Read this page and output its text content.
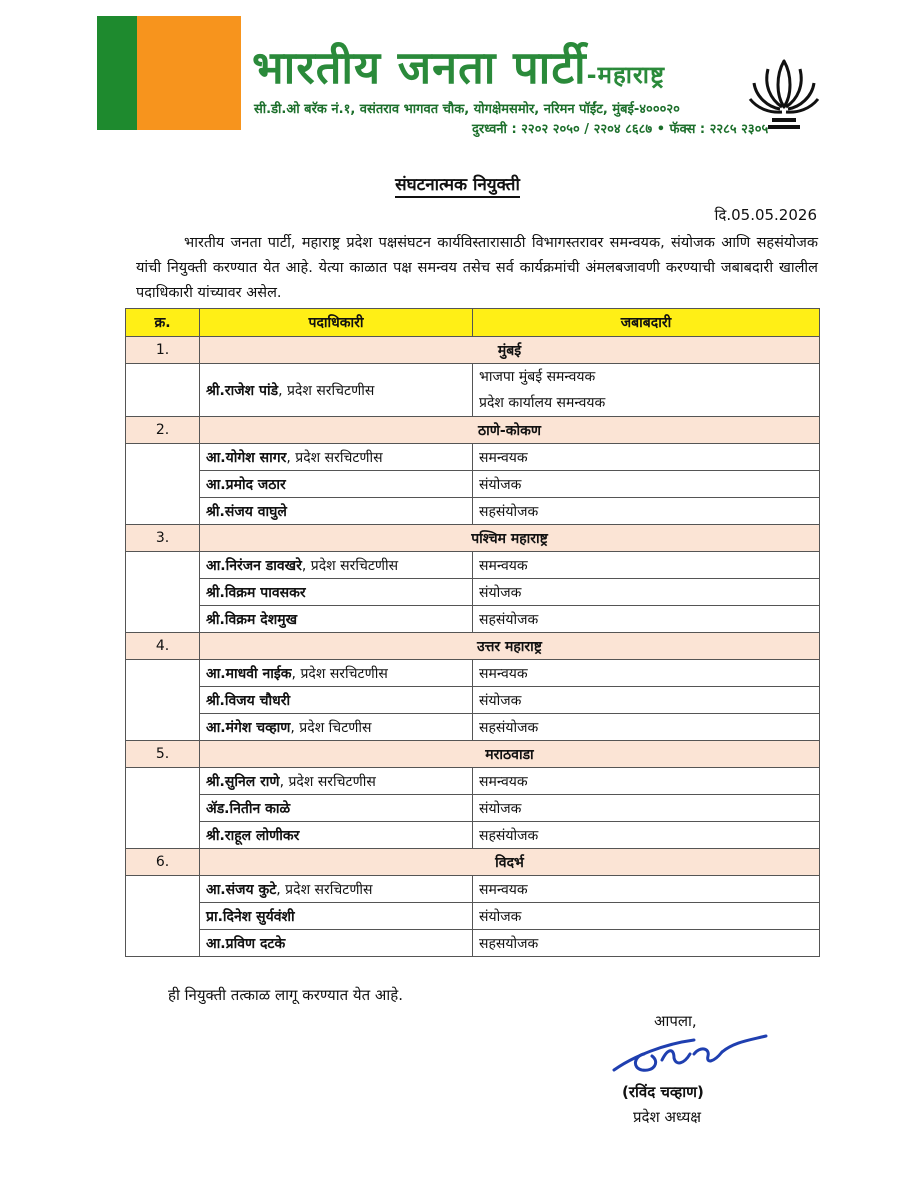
भारतीय जनता पार्टी-महाराष्ट्र
सी.डी.ओ बरॅक नं.१, वसंतराव भागवत चौक, योगक्षेमसमोर, नरिमन पॉईंट, मुंबई-४०००२०
दुरध्वनी : २२०२ २०५० / २२०४ ८६८७ • फॅक्स : २२८५ २३०५
संघटनात्मक नियुक्ती
दि.05.05.2026
भारतीय जनता पार्टी, महाराष्ट्र प्रदेश पक्षसंघटन कार्यविस्तारासाठी विभागस्तरावर समन्वयक, संयोजक आणि सहसंयोजक यांची नियुक्ती करण्यात येत आहे. येत्या काळात पक्ष समन्वय तसेच सर्व कार्यक्रमांची अंमलबजावणी करण्याची जबाबदारी खालील पदाधिकारी यांच्यावर असेल.
क्र.	पदाधिकारी	जबाबदारी
1.	मुंबई	
	श्री.राजेश पांडे, प्रदेश सरचिटणीस	भाजपा मुंबई समन्वयक
प्रदेश कार्यालय समन्वयक

2.	ठाणे-कोकण	
	आ.योगेश सागर, प्रदेश सरचिटणीस	समन्वयक
	आ.प्रमोद जठार	संयोजक
	श्री.संजय वाघुले	सहसंयोजक
3.	पश्चिम महाराष्ट्र	
	आ.निरंजन डावखरे, प्रदेश सरचिटणीस	समन्वयक
	श्री.विक्रम पावसकर	संयोजक
	श्री.विक्रम देशमुख	सहसंयोजक
4.	उत्तर महाराष्ट्र	
	आ.माधवी नाईक, प्रदेश सरचिटणीस	समन्वयक
	श्री.विजय चौधरी	संयोजक
	आ.मंगेश चव्हाण, प्रदेश चिटणीस	सहसंयोजक
5.	मराठवाडा	
	श्री.सुनिल राणे, प्रदेश सरचिटणीस	समन्वयक
	ॲड.नितीन काळे	संयोजक
	श्री.राहूल लोणीकर	सहसंयोजक
6.	विदर्भ	
	आ.संजय कुटे, प्रदेश सरचिटणीस	समन्वयक
	प्रा.दिनेश सुर्यवंशी	संयोजक
	आ.प्रविण दटके	सहसयोजक
ही नियुक्ती तत्काळ लागू करण्यात येत आहे.
आपला,
(रविंद चव्हाण)
प्रदेश अध्यक्ष
